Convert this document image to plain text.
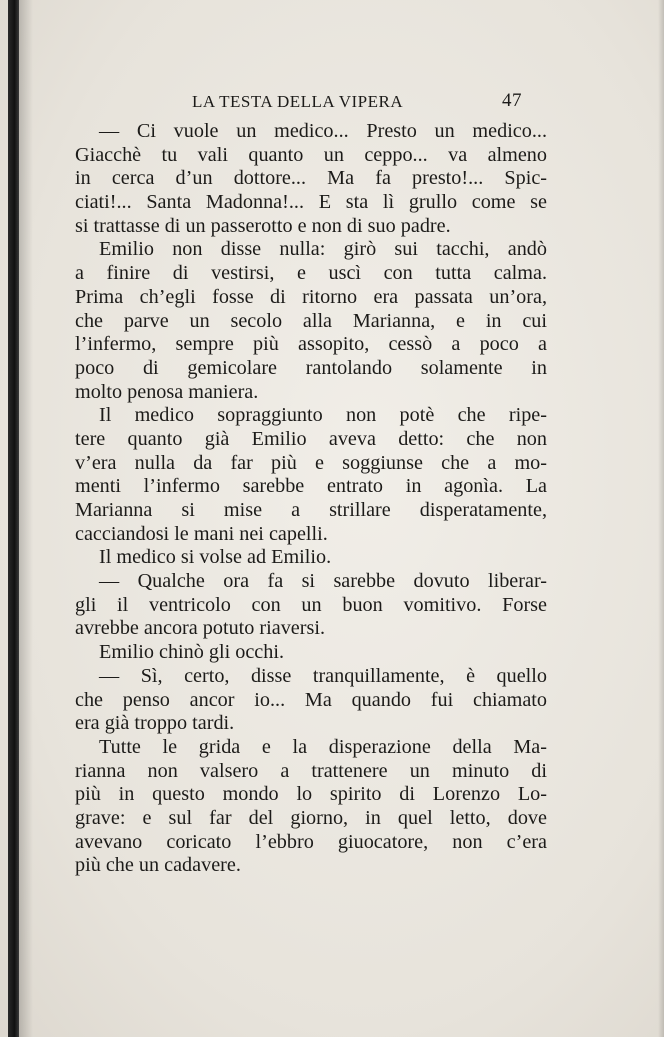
LA TESTA DELLA VIPERA	47
— Ci vuole un medico... Presto un medico...
Giacchè tu vali quanto un ceppo... va almeno
in cerca d’un dottore... Ma fa presto!... Spic-
ciati!... Santa Madonna!... E sta lì grullo come se
si trattasse di un passerotto e non di suo padre.
Emilio non disse nulla: girò sui tacchi, andò
a finire di vestirsi, e uscì con tutta calma.
Prima ch’egli fosse di ritorno era passata un’ora,
che parve un secolo alla Marianna, e in cui
l’infermo, sempre più assopito, cessò a poco a
poco di gemicolare rantolando solamente in
molto penosa maniera.
Il medico sopraggiunto non potè che ripe-
tere quanto già Emilio aveva detto: che non
v’era nulla da far più e soggiunse che a mo-
menti l’infermo sarebbe entrato in agonìa. La
Marianna si mise a strillare disperatamente,
cacciandosi le mani nei capelli.
Il medico si volse ad Emilio.
— Qualche ora fa si sarebbe dovuto liberar-
gli il ventricolo con un buon vomitivo. Forse
avrebbe ancora potuto riaversi.
Emilio chinò gli occhi.
— Sì, certo, disse tranquillamente, è quello
che penso ancor io... Ma quando fui chiamato
era già troppo tardi.
Tutte le grida e la disperazione della Ma-
rianna non valsero a trattenere un minuto di
più in questo mondo lo spirito di Lorenzo Lo-
grave: e sul far del giorno, in quel letto, dove
avevano coricato l’ebbro giuocatore, non c’era
più che un cadavere.
